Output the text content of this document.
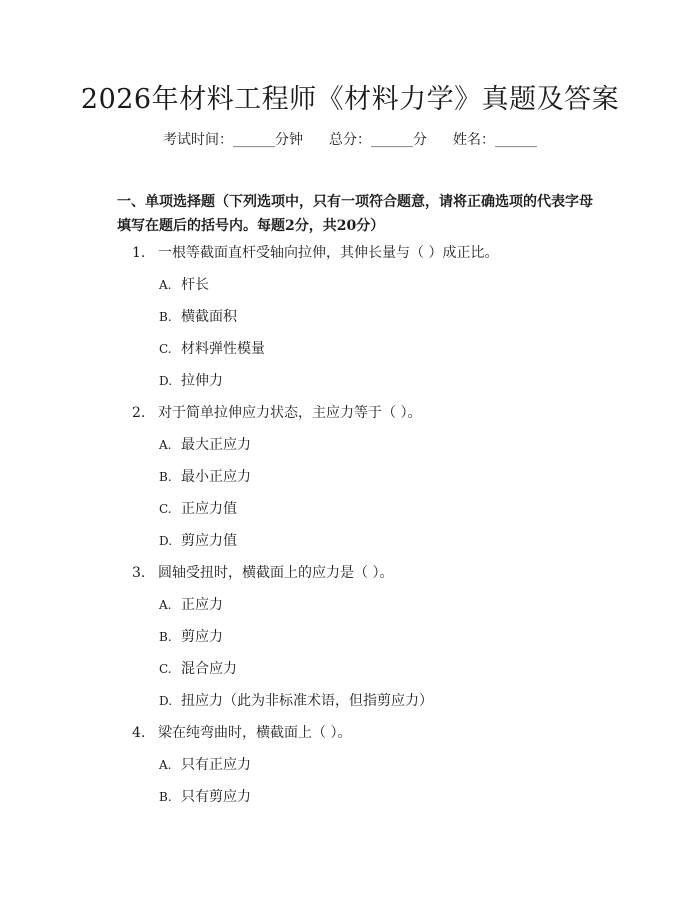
2026年材料工程师《材料力学》真题及答案
考试时间：______分钟 总分：______分 姓名：______
一、单项选择题（下列选项中，只有一项符合题意，请将正确选项的代表字母填写在题后的括号内。每题2分，共20分）
1. 一根等截面直杆受轴向拉伸，其伸长量与（ ）成正比。
A. 杆长
B. 横截面积
C. 材料弹性模量
D. 拉伸力
2. 对于简单拉伸应力状态，主应力等于（ ）。
A. 最大正应力
B. 最小正应力
C. 正应力值
D. 剪应力值
3. 圆轴受扭时，横截面上的应力是（ ）。
A. 正应力
B. 剪应力
C. 混合应力
D. 扭应力（此为非标准术语，但指剪应力）
4. 梁在纯弯曲时，横截面上（ ）。
A. 只有正应力
B. 只有剪应力
